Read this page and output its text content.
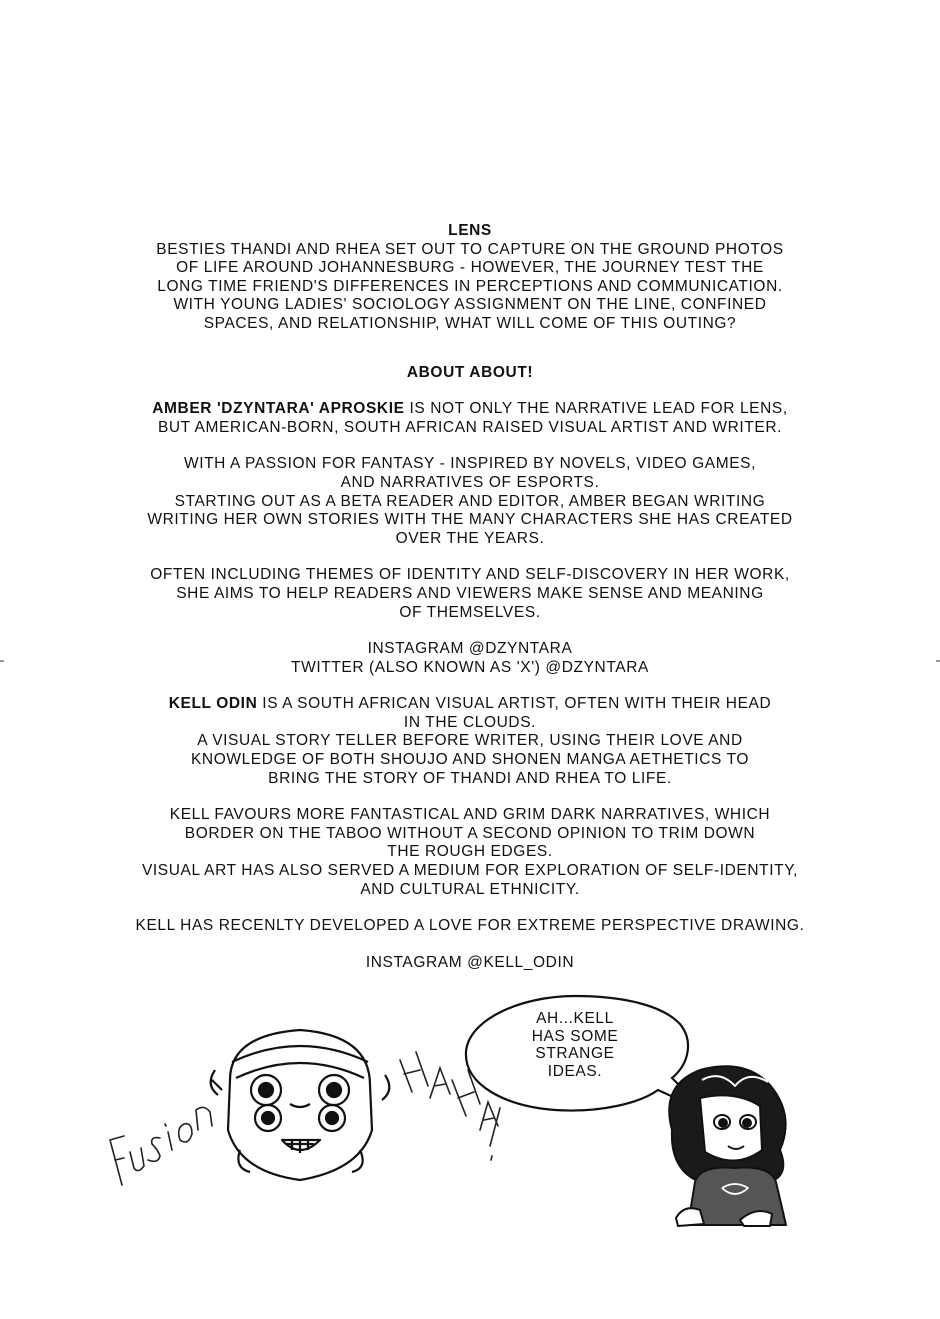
LENS

BESTIES THANDI AND RHEA SET OUT TO CAPTURE ON THE GROUND PHOTOS

OF LIFE AROUND JOHANNESBURG - HOWEVER, THE JOURNEY TEST THE

LONG TIME FRIEND'S DIFFERENCES IN PERCEPTIONS AND COMMUNICATION.

WITH YOUNG LADIES' SOCIOLOGY ASSIGNMENT ON THE LINE, CONFINED

SPACES, AND RELATIONSHIP, WHAT WILL COME OF THIS OUTING?

ABOUT ABOUT!

AMBER 'DZYNTARA' APROSKIE IS NOT ONLY THE NARRATIVE LEAD FOR LENS,

BUT AMERICAN-BORN, SOUTH AFRICAN RAISED VISUAL ARTIST AND WRITER.

WITH A PASSION FOR FANTASY - INSPIRED BY NOVELS, VIDEO GAMES,

AND NARRATIVES OF ESPORTS.

STARTING OUT AS A BETA READER AND EDITOR, AMBER BEGAN WRITING

WRITING HER OWN STORIES WITH THE MANY CHARACTERS SHE HAS CREATED

OVER THE YEARS.

OFTEN INCLUDING THEMES OF IDENTITY AND SELF-DISCOVERY IN HER WORK,

SHE AIMS TO HELP READERS AND VIEWERS MAKE SENSE AND MEANING

OF THEMSELVES.

INSTAGRAM @DZYNTARA

TWITTER (ALSO KNOWN AS 'X') @DZYNTARA

KELL ODIN IS A SOUTH AFRICAN VISUAL ARTIST, OFTEN WITH THEIR HEAD

IN THE CLOUDS.

A VISUAL STORY TELLER BEFORE WRITER, USING THEIR LOVE AND

KNOWLEDGE OF BOTH SHOUJO AND SHONEN MANGA AETHETICS TO

BRING THE STORY OF THANDI AND RHEA TO LIFE.

KELL FAVOURS MORE FANTASTICAL AND GRIM DARK NARRATIVES, WHICH

BORDER ON THE TABOO WITHOUT A SECOND OPINION TO TRIM DOWN

THE ROUGH EDGES.

VISUAL ART HAS ALSO SERVED A MEDIUM FOR EXPLORATION OF SELF-IDENTITY,

AND CULTURAL ETHNICITY.

KELL HAS RECENLTY DEVELOPED A LOVE FOR EXTREME PERSPECTIVE DRAWING.

INSTAGRAM @KELL_ODIN

AH...KELL
HAS SOME
STRANGE
IDEAS.
